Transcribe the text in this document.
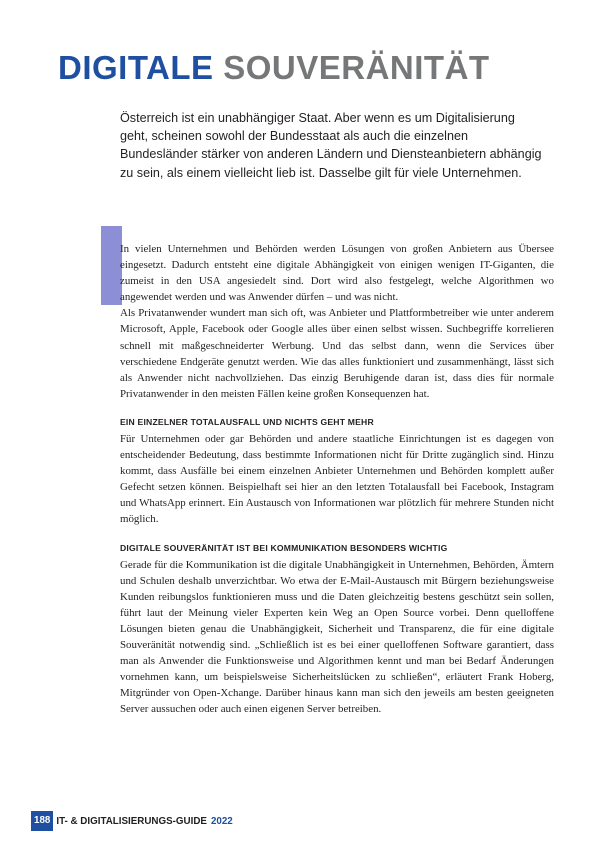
DIGITALE SOUVERÄNITÄT

Österreich ist ein unabhängiger Staat. Aber wenn es um Digitalisierung geht, scheinen sowohl der Bundesstaat als auch die einzelnen Bundesländer stärker von anderen Ländern und Diensteanbietern abhängig zu sein, als einem vielleicht lieb ist. Dasselbe gilt für viele Unternehmen.

In vielen Unternehmen und Behörden werden Lösungen von großen Anbietern aus Übersee eingesetzt. Dadurch entsteht eine digitale Abhängigkeit von einigen wenigen IT-Giganten, die zumeist in den USA angesiedelt sind. Dort wird also festgelegt, welche Algorithmen wo angewendet werden und was Anwender dürfen – und was nicht.

Als Privatanwender wundert man sich oft, was Anbieter und Plattformbetreiber wie unter anderem Microsoft, Apple, Facebook oder Google alles über einen selbst wissen. Suchbegriffe korrelieren schnell mit maßgeschneiderter Werbung. Und das selbst dann, wenn die Services über verschiedene Endgeräte genutzt werden. Wie das alles funktioniert und zusammenhängt, lässt sich als Anwender nicht nachvollziehen. Das einzig Beruhigende daran ist, dass dies für normale Privatanwender in den meisten Fällen keine großen Konsequenzen hat.

EIN EINZELNER TOTALAUSFALL UND NICHTS GEHT MEHR

Für Unternehmen oder gar Behörden und andere staatliche Einrichtungen ist es dagegen von entscheidender Bedeutung, dass bestimmte Informationen nicht für Dritte zugänglich sind. Hinzu kommt, dass Ausfälle bei einem einzelnen Anbieter Unternehmen und Behörden komplett außer Gefecht setzen können. Beispielhaft sei hier an den letzten Totalausfall bei Facebook, Instagram und WhatsApp erinnert. Ein Austausch von Informationen war plötzlich für mehrere Stunden nicht möglich.

DIGITALE SOUVERÄNITÄT IST BEI KOMMUNIKATION BESONDERS WICHTIG

Gerade für die Kommunikation ist die digitale Unabhängigkeit in Unternehmen, Behörden, Ämtern und Schulen deshalb unverzichtbar. Wo etwa der E-Mail-Austausch mit Bürgern beziehungsweise Kunden reibungslos funktionieren muss und die Daten gleichzeitig bestens geschützt sein sollen, führt laut der Meinung vieler Experten kein Weg an Open Source vorbei. Denn quelloffene Lösungen bieten genau die Unabhängigkeit, Sicherheit und Transparenz, die für eine digitale Souveränität notwendig sind. „Schließlich ist es bei einer quelloffenen Software garantiert, dass man als Anwender die Funktionsweise und Algorithmen kennt und man bei Bedarf Änderungen vornehmen kann, um beispielsweise Sicherheitslücken zu schließen“, erläutert Frank Hoberg, Mitgründer von Open-Xchange. Darüber hinaus kann man sich den jeweils am besten geeigneten Server aussuchen oder auch einen eigenen Server betreiben.

188 IT- & DIGITALISIERUNGS-GUIDE 2022
